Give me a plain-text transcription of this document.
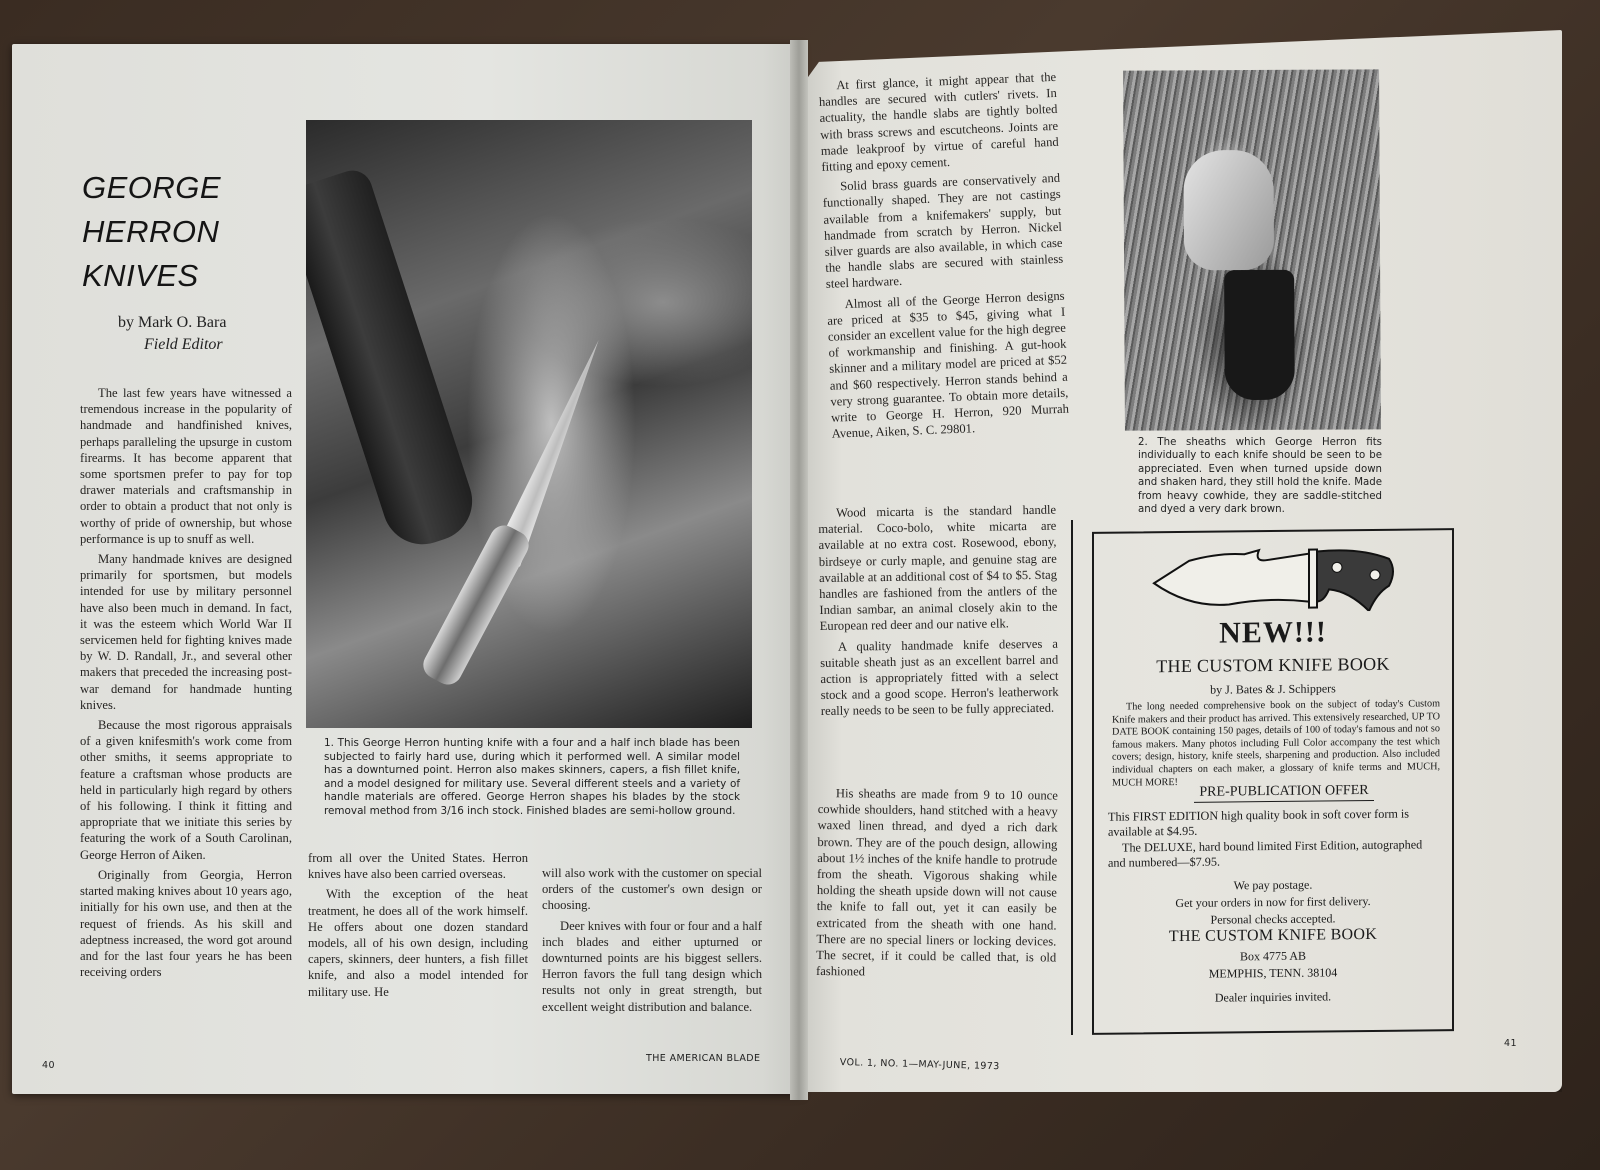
GEORGE
HERRON
KNIVES
by Mark O. Bara
Field Editor

The last few years have witnessed a tremendous increase in the popularity of handmade and handfinished knives, perhaps paralleling the upsurge in custom firearms. It has become apparent that some sportsmen prefer to pay for top drawer materials and craftsmanship in order to obtain a product that not only is worthy of pride of ownership, but whose performance is up to snuff as well.

Many handmade knives are designed primarily for sportsmen, but models intended for use by military personnel have also been much in demand. In fact, it was the esteem which World War II servicemen held for fighting knives made by W. D. Randall, Jr., and several other makers that preceded the increasing post-war demand for handmade hunting knives.

Because the most rigorous appraisals of a given knifesmith's work come from other smiths, it seems appropriate to feature a craftsman whose products are held in particularly high regard by others of his following. I think it fitting and appropriate that we initiate this series by featuring the work of a South Carolinan, George Herron of Aiken.

Originally from Georgia, Herron started making knives about 10 years ago, initially for his own use, and then at the request of friends. As his skill and adeptness increased, the word got around and for the last four years he has been receiving orders

1. This George Herron hunting knife with a four and a half inch blade has been subjected to fairly hard use, during which it performed well. A similar model has a downturned point. Herron also makes skinners, capers, a fish fillet knife, and a model designed for military use. Several different steels and a variety of handle materials are offered. George Herron shapes his blades by the stock removal method from 3/16 inch stock. Finished blades are semi-hollow ground.

from all over the United States. Herron knives have also been carried overseas.

With the exception of the heat treatment, he does all of the work himself. He offers about one dozen standard models, all of his own design, including capers, skinners, deer hunters, a fish fillet knife, and also a model intended for military use. He

will also work with the customer on special orders of the customer's own design or choosing.

Deer knives with four or four and a half inch blades and either upturned or downturned points are his biggest sellers. Herron favors the full tang design which results not only in great strength, but excellent weight distribution and balance.

At first glance, it might appear that the handles are secured with cutlers' rivets. In actuality, the handle slabs are tightly bolted with brass screws and escutcheons. Joints are made leakproof by virtue of careful hand fitting and epoxy cement.

Solid brass guards are conservatively and functionally shaped. They are not castings available from a knifemakers' supply, but handmade from scratch by Herron. Nickel silver guards are also available, in which case the handle slabs are secured with stainless steel hardware.

Almost all of the George Herron designs are priced at $35 to $45, giving what I consider an excellent value for the high degree of workmanship and finishing. A gut-hook skinner and a military model are priced at $52 and $60 respectively. Herron stands behind a very strong guarantee. To obtain more details, write to George H. Herron, 920 Murrah Avenue, Aiken, S. C. 29801.

Wood micarta is the standard handle material. Coco-bolo, white micarta are available at no extra cost. Rosewood, ebony, birdseye or curly maple, and genuine stag are available at an additional cost of $4 to $5. Stag handles are fashioned from the antlers of the Indian sambar, an animal closely akin to the European red deer and our native elk.

A quality handmade knife deserves a suitable sheath just as an excellent barrel and action is appropriately fitted with a select stock and a good scope. Herron's leatherwork really needs to be seen to be fully appreciated.

His sheaths are made from 9 to 10 ounce cowhide shoulders, hand stitched with a heavy waxed linen thread, and dyed a rich dark brown. They are of the pouch design, allowing about 1½ inches of the knife handle to protrude from the sheath. Vigorous shaking while holding the sheath upside down will not cause the knife to fall out, yet it can easily be extricated from the sheath with one hand. There are no special liners or locking devices. The secret, if it could be called that, is old fashioned

2. The sheaths which George Herron fits individually to each knife should be seen to be appreciated. Even when turned upside down and shaken hard, they still hold the knife. Made from heavy cowhide, they are saddle-stitched and dyed a very dark brown.
NEW!!!
THE CUSTOM KNIFE BOOK
by J. Bates & J. Schippers
The long needed comprehensive book on the subject of today's Custom Knife makers and their product has arrived. This extensively researched, UP TO DATE BOOK containing 150 pages, details of 100 of today's famous and not so famous makers. Many photos including Full Color accompany the test which covers; design, history, knife steels, sharpening and production. Also included individual chapters on each maker, a glossary of knife terms and MUCH, MUCH MORE!
PRE-PUBLICATION OFFER
This FIRST EDITION high quality book in soft cover form is available at $4.95.
The DELUXE, hard bound limited First Edition, autographed and numbered—$7.95.
We pay postage.
Get your orders in now for first delivery.
Personal checks accepted.
THE CUSTOM KNIFE BOOK
Box 4775 AB
MEMPHIS, TENN. 38104
Dealer inquiries invited.
40
THE AMERICAN BLADE	VOL. 1, NO. 1—MAY-JUNE, 1973
41
